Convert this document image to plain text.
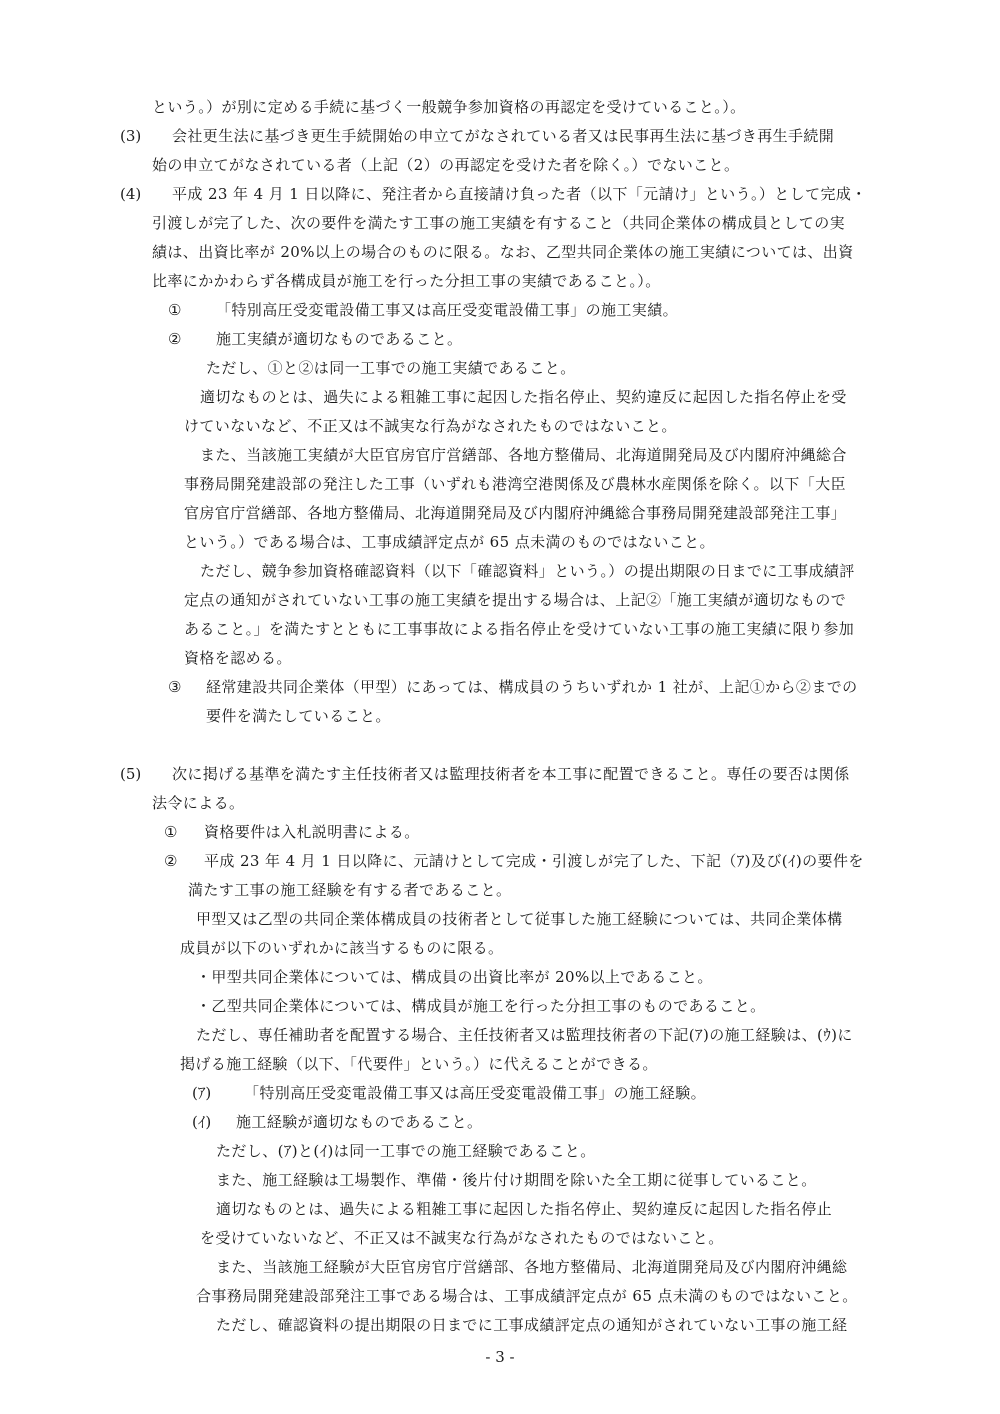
という。）が別に定める手続に基づく一般競争参加資格の再認定を受けていること。）。
(3) 会社更生法に基づき更生手続開始の申立てがなされている者又は民事再生法に基づき再生手続開
始の申立てがなされている者（上記（2）の再認定を受けた者を除く。）でないこと。
(4) 平成 23 年 4 月 1 日以降に、発注者から直接請け負った者（以下「元請け」という。）として完成・
引渡しが完了した、次の要件を満たす工事の施工実績を有すること（共同企業体の構成員としての実
績は、出資比率が 20%以上の場合のものに限る。なお、乙型共同企業体の施工実績については、出資
比率にかかわらず各構成員が施工を行った分担工事の実績であること。）。
① 「特別高圧受変電設備工事又は高圧受変電設備工事」の施工実績。
② 施工実績が適切なものであること。
ただし、①と②は同一工事での施工実績であること。
適切なものとは、過失による粗雑工事に起因した指名停止、契約違反に起因した指名停止を受
けていないなど、不正又は不誠実な行為がなされたものではないこと。
また、当該施工実績が大臣官房官庁営繕部、各地方整備局、北海道開発局及び内閣府沖縄総合
事務局開発建設部の発注した工事（いずれも港湾空港関係及び農林水産関係を除く。以下「大臣
官房官庁営繕部、各地方整備局、北海道開発局及び内閣府沖縄総合事務局開発建設部発注工事」
という。）である場合は、工事成績評定点が 65 点未満のものではないこと。
ただし、競争参加資格確認資料（以下「確認資料」という。）の提出期限の日までに工事成績評
定点の通知がされていない工事の施工実績を提出する場合は、上記②「施工実績が適切なもので
あること。」を満たすとともに工事事故による指名停止を受けていない工事の施工実績に限り参加
資格を認める。
③ 経常建設共同企業体（甲型）にあっては、構成員のうちいずれか 1 社が、上記①から②までの
要件を満たしていること。
(5) 次に掲げる基準を満たす主任技術者又は監理技術者を本工事に配置できること。専任の要否は関係
法令による。
① 資格要件は入札説明書による。
② 平成 23 年 4 月 1 日以降に、元請けとして完成・引渡しが完了した、下記（ｱ)及び(ｲ)の要件を
満たす工事の施工経験を有する者であること。
甲型又は乙型の共同企業体構成員の技術者として従事した施工経験については、共同企業体構
成員が以下のいずれかに該当するものに限る。
・甲型共同企業体については、構成員の出資比率が 20%以上であること。
・乙型共同企業体については、構成員が施工を行った分担工事のものであること。
ただし、専任補助者を配置する場合、主任技術者又は監理技術者の下記(ｱ)の施工経験は、(ｳ)に
掲げる施工経験（以下、「代要件」という。）に代えることができる。
(ｱ) 「特別高圧受変電設備工事又は高圧受変電設備工事」の施工経験。
(ｲ) 施工経験が適切なものであること。
ただし、(ｱ)と(ｲ)は同一工事での施工経験であること。
また、施工経験は工場製作、準備・後片付け期間を除いた全工期に従事していること。
適切なものとは、過失による粗雑工事に起因した指名停止、契約違反に起因した指名停止
を受けていないなど、不正又は不誠実な行為がなされたものではないこと。
また、当該施工経験が大臣官房官庁営繕部、各地方整備局、北海道開発局及び内閣府沖縄総
合事務局開発建設部発注工事である場合は、工事成績評定点が 65 点未満のものではないこと。
ただし、確認資料の提出期限の日までに工事成績評定点の通知がされていない工事の施工経
- 3 -
